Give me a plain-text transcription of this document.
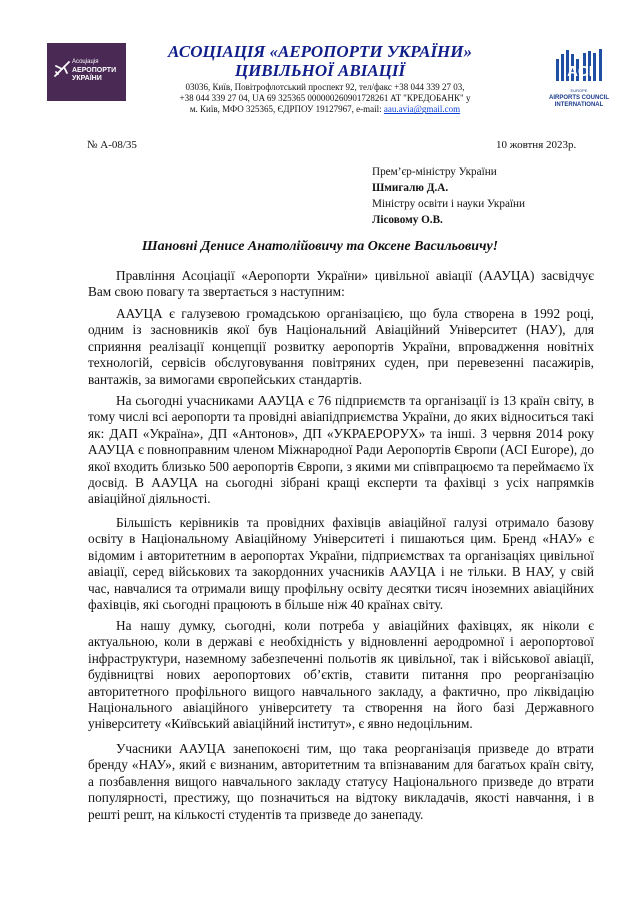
Асоціація
АЕРОПОРТИ
УКРАЇНИ
АСОЦІАЦІЯ «АЕРОПОРТИ УКРАЇНИ»
ЦИВІЛЬНОЇ АВІАЦІЇ
03036, Київ, Повітрофлотський проспект 92, тел/факс +38 044 339 27 03,
+38 044 339 27 04, UA 69 325365 000000260901728261 AT "КРЕДОБАНК" у
м. Київ, МФО 325365, ЄДРПОУ 19127967, e-mail: aau.avia@gmail.com
ACI
EUROPE
AIRPORTS COUNCIL
INTERNATIONAL
№ А-08/35	10 жовтня 2023р.
Прем’єр-міністру України
Шмигалю Д.А.
Міністру освіти і науки України
Лісовому О.В.
Шановні Денисе Анатолійовичу та Оксене Васильовичу!
Правління Асоціації «Аеропорти України» цивільної авіації (ААУЦА) засвідчує Вам свою повагу та звертається з наступним:
ААУЦА є галузевою громадською організацією, що була створена в 1992 році, одним із засновників якої був Національний Авіаційний Університет (НАУ), для сприяння реалізації концепції розвитку аеропортів України, впровадження новітніх технологій, сервісів обслуговування повітряних суден, при перевезенні пасажирів, вантажів, за вимогами європейських стандартів.
На сьогодні учасниками ААУЦА є 76 підприємств та організації із 13 країн світу, в тому числі всі аеропорти та провідні авіапідприємства України, до яких відноситься такі як: ДАП «Україна», ДП «Антонов», ДП «УКРАЕРОРУХ» та інші. З червня 2014 року ААУЦА є повноправним членом Міжнародної Ради Аеропортів Європи (ACI Europe), до якої входить близько 500 аеропортів Європи, з якими ми співпрацюємо та переймаємо їх досвід. В ААУЦА на сьогодні зібрані кращі експерти та фахівці з усіх напрямків авіаційної діяльності.
Більшість керівників та провідних фахівців авіаційної галузі отримало базову освіту в Національному Авіаційному Університеті і пишаються цим. Бренд «НАУ» є відомим і авторитетним в аеропортах України, підприємствах та організаціях цивільної авіації, серед військових та закордонних учасників ААУЦА і не тільки. В НАУ, у свій час, навчалися та отримали вищу профільну освіту десятки тисяч іноземних авіаційних фахівців, які сьогодні працюють в більше ніж 40 країнах світу.
На нашу думку, сьогодні, коли потреба у авіаційних фахівцях, як ніколи є актуальною, коли в державі є необхідність у відновленні аеродромної і аеропортової інфраструктури, наземному забезпеченні польотів як цивільної, так і військової авіації, будівництві нових аеропортових об’єктів, ставити питання про реорганізацію авторитетного профільного вищого навчального закладу, а фактично, про ліквідацію Національного авіаційного університету та створення на його базі Державного університету «Київський авіаційний інститут», є явно недоцільним.
Учасники ААУЦА занепокоєні тим, що така реорганізація призведе до втрати бренду «НАУ», який є визнаним, авторитетним та впізнаваним для багатьох країн світу, а позбавлення вищого навчального закладу статусу Національного призведе до втрати популярності, престижу, що позначиться на відтоку викладачів, якості навчання, і в решті решт, на кількості студентів та призведе до занепаду.
